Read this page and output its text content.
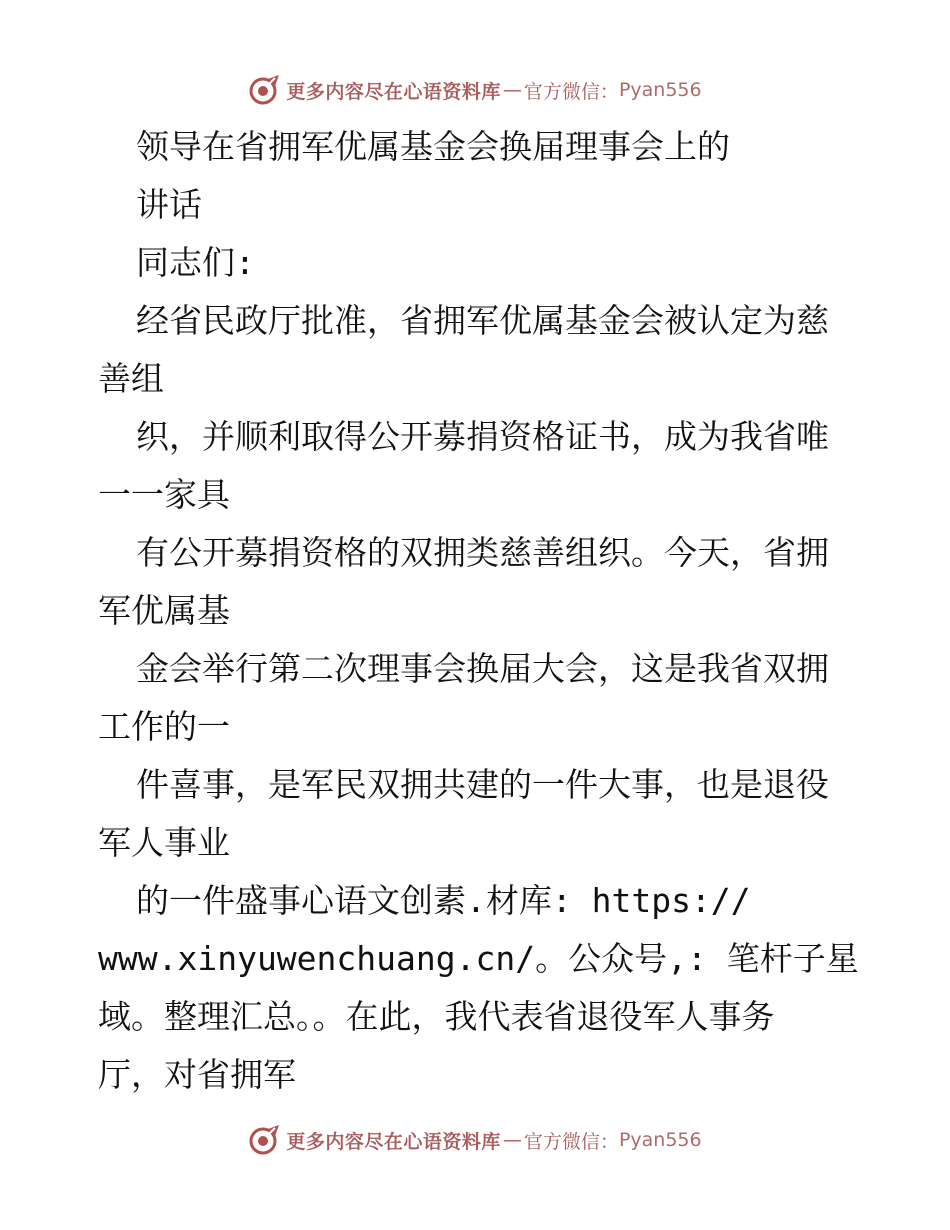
更多内容尽在心语资料库 — 官方微信： Pyan556
领导在省拥军优属基金会换届理事会上的
讲话
同志们:
经省民政厅批准，省拥军优属基金会被认定为慈
善组
织，并顺利取得公开募捐资格证书，成为我省唯
一一家具
有公开募捐资格的双拥类慈善组织。今天，省拥
军优属基
金会举行第二次理事会换届大会，这是我省双拥
工作的一
件喜事，是军民双拥共建的一件大事，也是退役
军人事业
的一件盛事心语文创素.材库: https://
www.xinyuwenchuang.cn/。公众号,: 笔杆子星
域。整理汇总。。在此，我代表省退役军人事务
厅，对省拥军
更多内容尽在心语资料库 — 官方微信： Pyan556
